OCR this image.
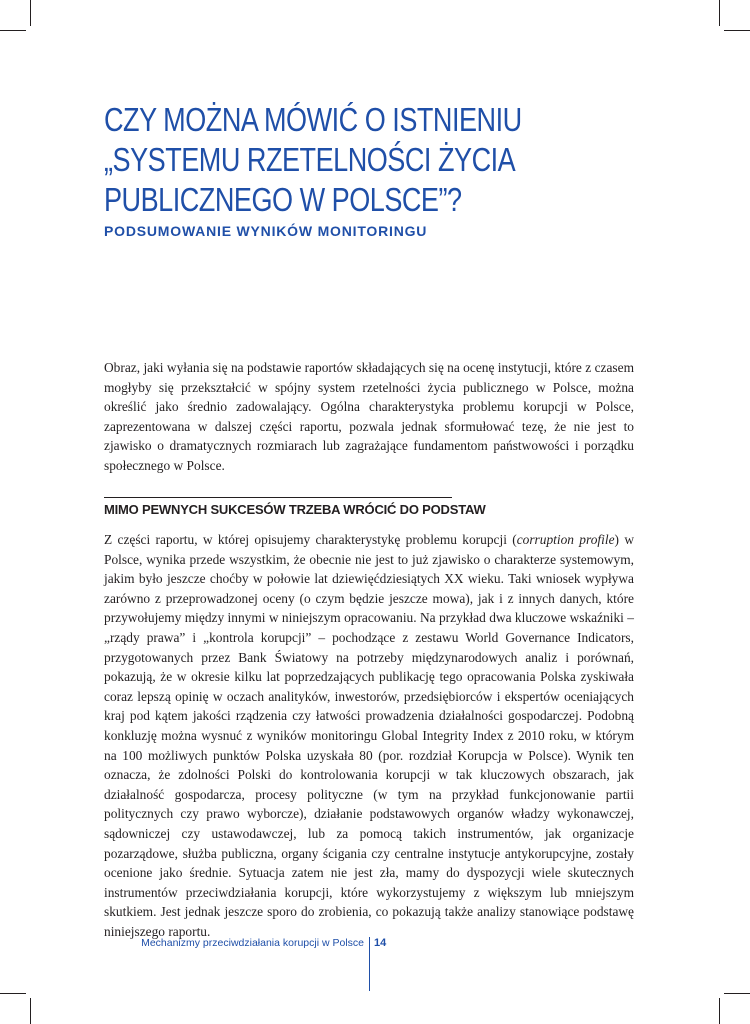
CZY MOŻNA MÓWIĆ O ISTNIENIU
„SYSTEMU RZETELNOŚCI ŻYCIA
PUBLICZNEGO W POLSCE”?
PODSUMOWANIE WYNIKÓW MONITORINGU

Obraz, jaki wyłania się na podstawie raportów składających się na ocenę instytucji, które z czasem mogłyby się przekształcić w spójny system rzetelności życia publicznego w Polsce, można określić jako średnio zadowalający. Ogólna charakterystyka problemu korupcji w Polsce, zaprezentowana w dalszej części raportu, pozwala jednak sformułować tezę, że nie jest to zjawisko o dramatycznych rozmiarach lub zagrażające fundamentom państwowości i porządku społecznego w Polsce.

MIMO PEWNYCH SUKCESÓW TRZEBA WRÓCIĆ DO PODSTAW

Z części raportu, w której opisujemy charakterystykę problemu korupcji (corruption profile) w Polsce, wynika przede wszystkim, że obecnie nie jest to już zjawisko o charakterze systemowym, jakim było jeszcze choćby w połowie lat dziewięćdziesiątych XX wieku. Taki wniosek wypływa zarówno z przeprowadzonej oceny (o czym będzie jeszcze mowa), jak i z innych danych, które przywołujemy między innymi w niniejszym opracowaniu. Na przykład dwa kluczowe wskaźniki – „rządy prawa” i „kontrola korupcji” – pochodzące z zestawu World Governance Indicators, przygotowanych przez Bank Światowy na potrzeby międzynarodowych analiz i porównań, pokazują, że w okresie kilku lat poprzedzających publikację tego opracowania Polska zyskiwała coraz lepszą opinię w oczach analityków, inwestorów, przedsiębiorców i ekspertów oceniających kraj pod kątem jakości rządzenia czy łatwości prowadzenia działalności gospodarczej. Podobną konkluzję można wysnuć z wyników monitoringu Global Integrity Index z 2010 roku, w którym na 100 możliwych punktów Polska uzyskała 80 (por. rozdział Korupcja w Polsce). Wynik ten oznacza, że zdolności Polski do kontrolowania korupcji w tak kluczowych obszarach, jak działalność gospodarcza, procesy polityczne (w tym na przykład funkcjonowanie partii politycznych czy prawo wyborcze), działanie podstawowych organów władzy wykonawczej, sądowniczej czy ustawodawczej, lub za pomocą takich instrumentów, jak organizacje pozarządowe, służba publiczna, organy ścigania czy centralne instytucje antykorupcyjne, zostały ocenione jako średnie. Sytuacja zatem nie jest zła, mamy do dyspozycji wiele skutecznych instrumentów przeciwdziałania korupcji, które wykorzystujemy z większym lub mniejszym skutkiem. Jest jednak jeszcze sporo do zrobienia, co pokazują także analizy stanowiące podstawę niniejszego raportu.

Mechanizmy przeciwdziałania korupcji w Polsce 14
